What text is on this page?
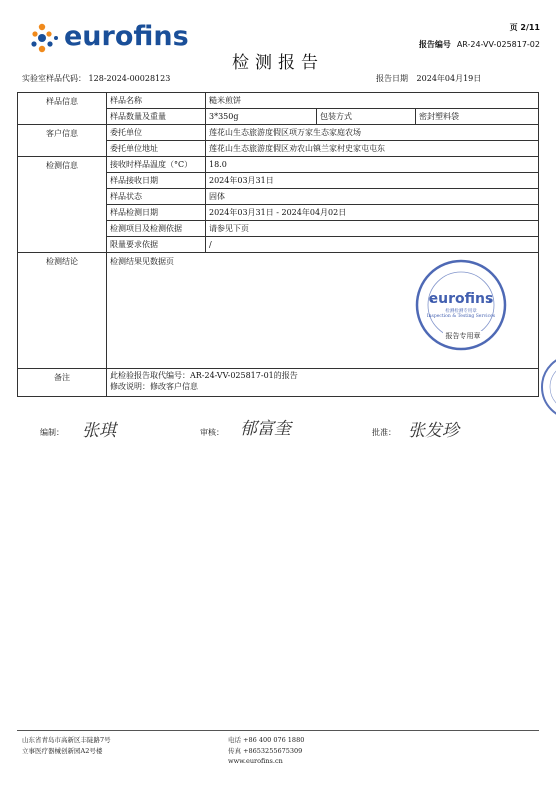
eurofins
检测报告
页 2/11
报告编号 AR-24-VV-025817-02
实验室样品代码： 128-2024-00028123	报告日期 2024年04月19日
样品信息	样品名称	糙米煎饼		
	样品数量及重量	3*350g	包装方式	密封塑料袋
客户信息	委托单位	莲花山生态旅游度假区项万家生态家庭农场		
	委托单位地址	莲花山生态旅游度假区劝农山镇兰家村史家屯屯东		
检测信息	接收时样品温度（°C）	18.0		
	样品接收日期	2024年03月31日		
	样品状态	固体		
	样品检测日期	2024年03月31日 - 2024年04月02日		
	检测项目及检测依据	请参见下页		
	限量要求依据	/		
检测结论	检测结果见数据页
eurofins
检测检测专用章
Inspection & Testing Services
报告专用章			

备注	此检验报告取代编号：AR-24-VV-025817-01的报告
修改说明：修改客户信息			
编制： 张琪	审核： 郁富奎	批准： 张发珍
山东省青岛市高新区丰陡路7号
立事医疗器械创新园A2号楼
电话 +86 400 076 1880
传真 +8653255675309
www.eurofins.cn
